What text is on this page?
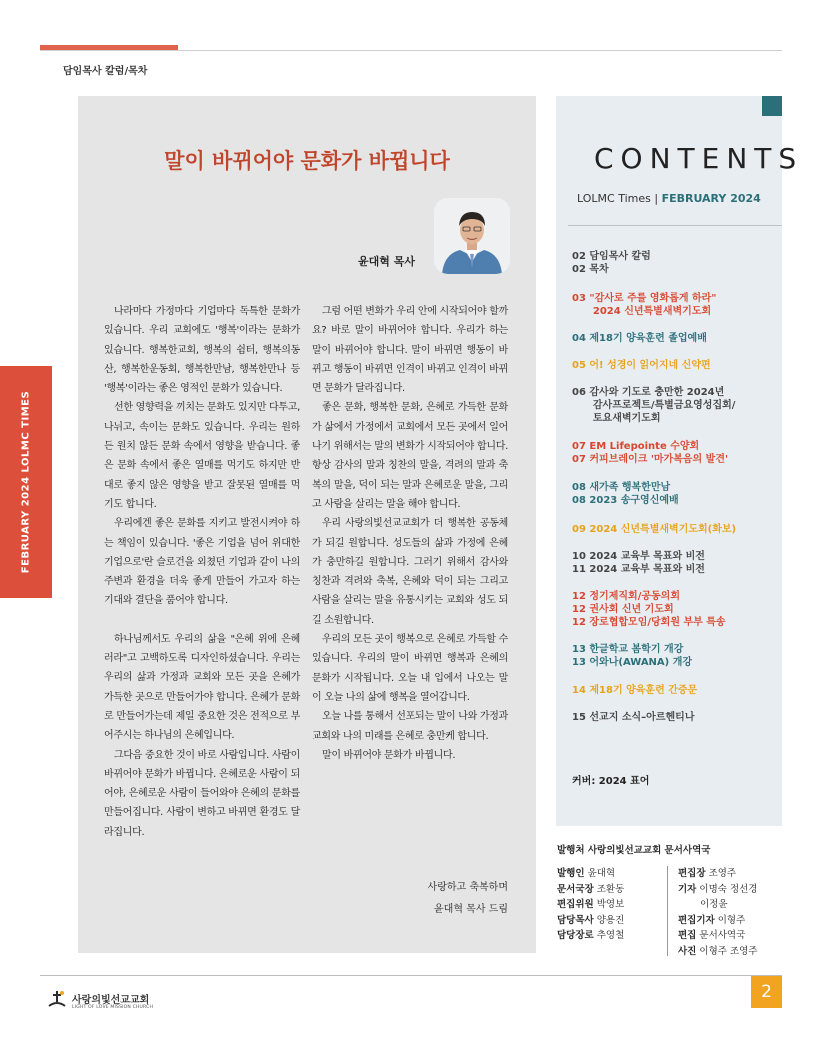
담임목사 칼럼/목차
FEBRUARY 2024 LOLMC TIMES
말이 바뀌어야 문화가 바뀝니다
윤대혁 목사

나라마다 가정마다 기업마다 독특한 문화가 있습니다. 우리 교회에도 '행복'이라는 문화가 있습니다. 행복한교회, 행복의 쉼터, 행복의동산, 행복한운동회, 행복한만남, 행복한만나 등 '행복'이라는 좋은 영적인 문화가 있습니다.

선한 영향력을 끼치는 문화도 있지만 다투고, 나뉘고, 속이는 문화도 있습니다. 우리는 원하든 원치 않든 문화 속에서 영향을 받습니다. 좋은 문화 속에서 좋은 열매를 먹기도 하지만 반대로 좋지 않은 영향을 받고 잘못된 열매를 먹기도 합니다.

우리에겐 좋은 문화를 지키고 발전시켜야 하는 책임이 있습니다. '좋은 기업을 넘어 위대한 기업으로'란 슬로건을 외쳤던 기업과 같이 나의 주변과 환경을 더욱 좋게 만들어 가고자 하는 기대와 결단을 품어야 합니다.

하나님께서도 우리의 삶을 "은혜 위에 은혜러라"고 고백하도록 디자인하셨습니다. 우리는 우리의 삶과 가정과 교회와 모든 곳을 은혜가 가득한 곳으로 만들어가야 합니다. 은혜가 문화로 만들어가는데 제일 중요한 것은 전적으로 부어주시는 하나님의 은혜입니다.

그다음 중요한 것이 바로 사람입니다. 사람이 바뀌어야 문화가 바뀝니다. 은혜로운 사람이 되어야, 은혜로운 사람이 들어와야 은혜의 문화를 만들어집니다. 사람이 변하고 바뀌면 환경도 달라집니다.

그럼 어떤 변화가 우리 안에 시작되어야 할까요? 바로 말이 바뀌어야 합니다. 우리가 하는 말이 바뀌어야 합니다. 말이 바뀌면 행동이 바뀌고 행동이 바뀌면 인격이 바뀌고 인격이 바뀌면 문화가 달라집니다.

좋은 문화, 행복한 문화, 은혜로 가득한 문화가 삶에서 가정에서 교회에서 모든 곳에서 일어나기 위해서는 말의 변화가 시작되어야 합니다. 항상 감사의 말과 칭찬의 말을, 격려의 말과 축복의 말을, 덕이 되는 말과 은혜로운 말을, 그리고 사람을 살리는 말을 해야 합니다.

우리 사랑의빛선교교회가 더 행복한 공동체가 되길 원합니다. 성도들의 삶과 가정에 은혜가 충만하길 원합니다. 그러기 위해서 감사와 칭찬과 격려와 축복, 은혜와 덕이 되는 그리고 사람을 살리는 말을 유통시키는 교회와 성도 되길 소원합니다.

우리의 모든 곳이 행복으로 은혜로 가득할 수 있습니다. 우리의 말이 바뀌면 행복과 은혜의 문화가 시작됩니다. 오늘 내 입에서 나오는 말이 오늘 나의 삶에 행복을 열어갑니다.

오늘 나를 통해서 선포되는 말이 나와 가정과 교회와 나의 미래를 은혜로 충만케 합니다.

말이 바뀌어야 문화가 바뀝니다.

사랑하고 축복하며
윤대혁 목사 드림
CONTENTS
LOLMC Times | FEBRUARY 2024
02 담임목사 칼럼
02 목차
03 "감사로 주를 영화롭게 하라"
2024 신년특별새벽기도회
04 제18기 양육훈련 졸업예배
05 어! 성경이 읽어지네 신약편
06 감사와 기도로 충만한 2024년
감사프로젝트/특별금요영성집회/
토요새벽기도회
07 EM Lifepointe 수양회
07 커피브레이크 '마가복음의 발견'
08 새가족 행복한만남
08 2023 송구영신예배
09 2024 신년특별새벽기도회(화보)
10 2024 교육부 목표와 비전
11 2024 교육부 목표와 비전
12 정기제직회/공동의회
12 권사회 신년 기도회
12 장로협합모임/당회원 부부 특송
13 한글학교 봄학기 개강
13 어와나(AWANA) 개강
14 제18기 양육훈련 간증문
15 선교지 소식–아르헨티나
커버: 2024 표어
발행처 사랑의빛선교교회 문서사역국
발행인 윤대혁
문서국장 조환동
편집위원 박영보
담당목사 양용진
담당장로 추영철
편집장 조영주
기자 이명숙 정선경
이정윤
편집기자 이형주
편집 문서사역국
사진 이형주 조영주
사랑의빛선교교회
LIGHT OF LOVE MISSION CHURCH
2
